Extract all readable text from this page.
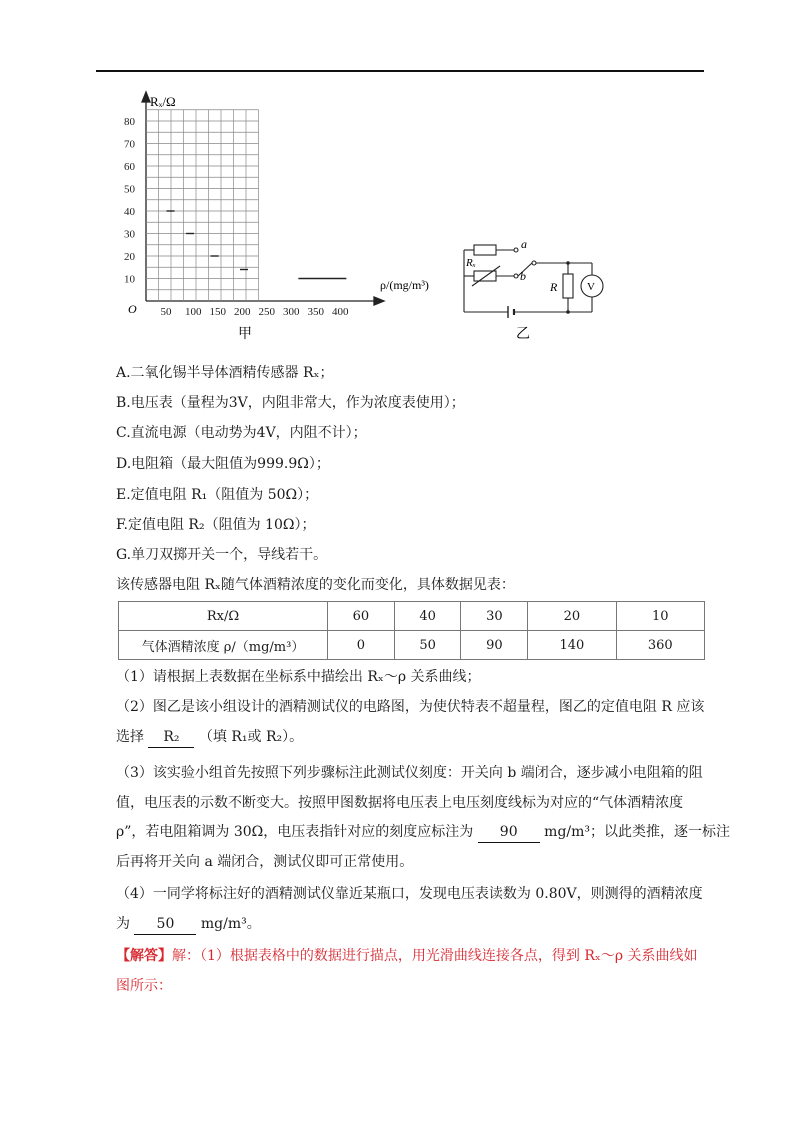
80
70
60
50
40
30
20
10
50 100 150 200 250 300 350 400
Rₓ/Ω
ρ/(mg/m³)
O
甲
a
b
Rₓ
R	V
乙
A.二氧化锡半导体酒精传感器 Rₓ；
B.电压表（量程为3V，内阻非常大，作为浓度表使用）；
C.直流电源（电动势为4V，内阻不计）；
D.电阻箱（最大阻值为999.9Ω）；
E.定值电阻 R₁（阻值为 50Ω）；
F.定值电阻 R₂（阻值为 10Ω）；
G.单刀双掷开关一个，导线若干。
该传感器电阻 Rₓ随气体酒精浓度的变化而变化，具体数据见表：
Rx/Ω	60	40	30	20	10
气体酒精浓度 ρ/（mg/m³）	0	50	90	140	360
（1）请根据上表数据在坐标系中描绘出 Rₓ～ρ 关系曲线；
（2）图乙是该小组设计的酒精测试仪的电路图，为使伏特表不超量程，图乙的定值电阻 R 应该
选择 R₂ （填 R₁或 R₂）。
（3）该实验小组首先按照下列步骤标注此测试仪刻度：开关向 b 端闭合，逐步减小电阻箱的阻
值，电压表的示数不断变大。按照甲图数据将电压表上电压刻度线标为对应的“气体酒精浓度
ρ”，若电阻箱调为 30Ω，电压表指针对应的刻度应标注为 90 mg/m³；以此类推，逐一标注
后再将开关向 a 端闭合，测试仪即可正常使用。
（4）一同学将标注好的酒精测试仪靠近某瓶口，发现电压表读数为 0.80V，则测得的酒精浓度
为 50 mg/m³。
【解答】解：（1）根据表格中的数据进行描点，用光滑曲线连接各点，得到 Rₓ～ρ 关系曲线如
图所示：
